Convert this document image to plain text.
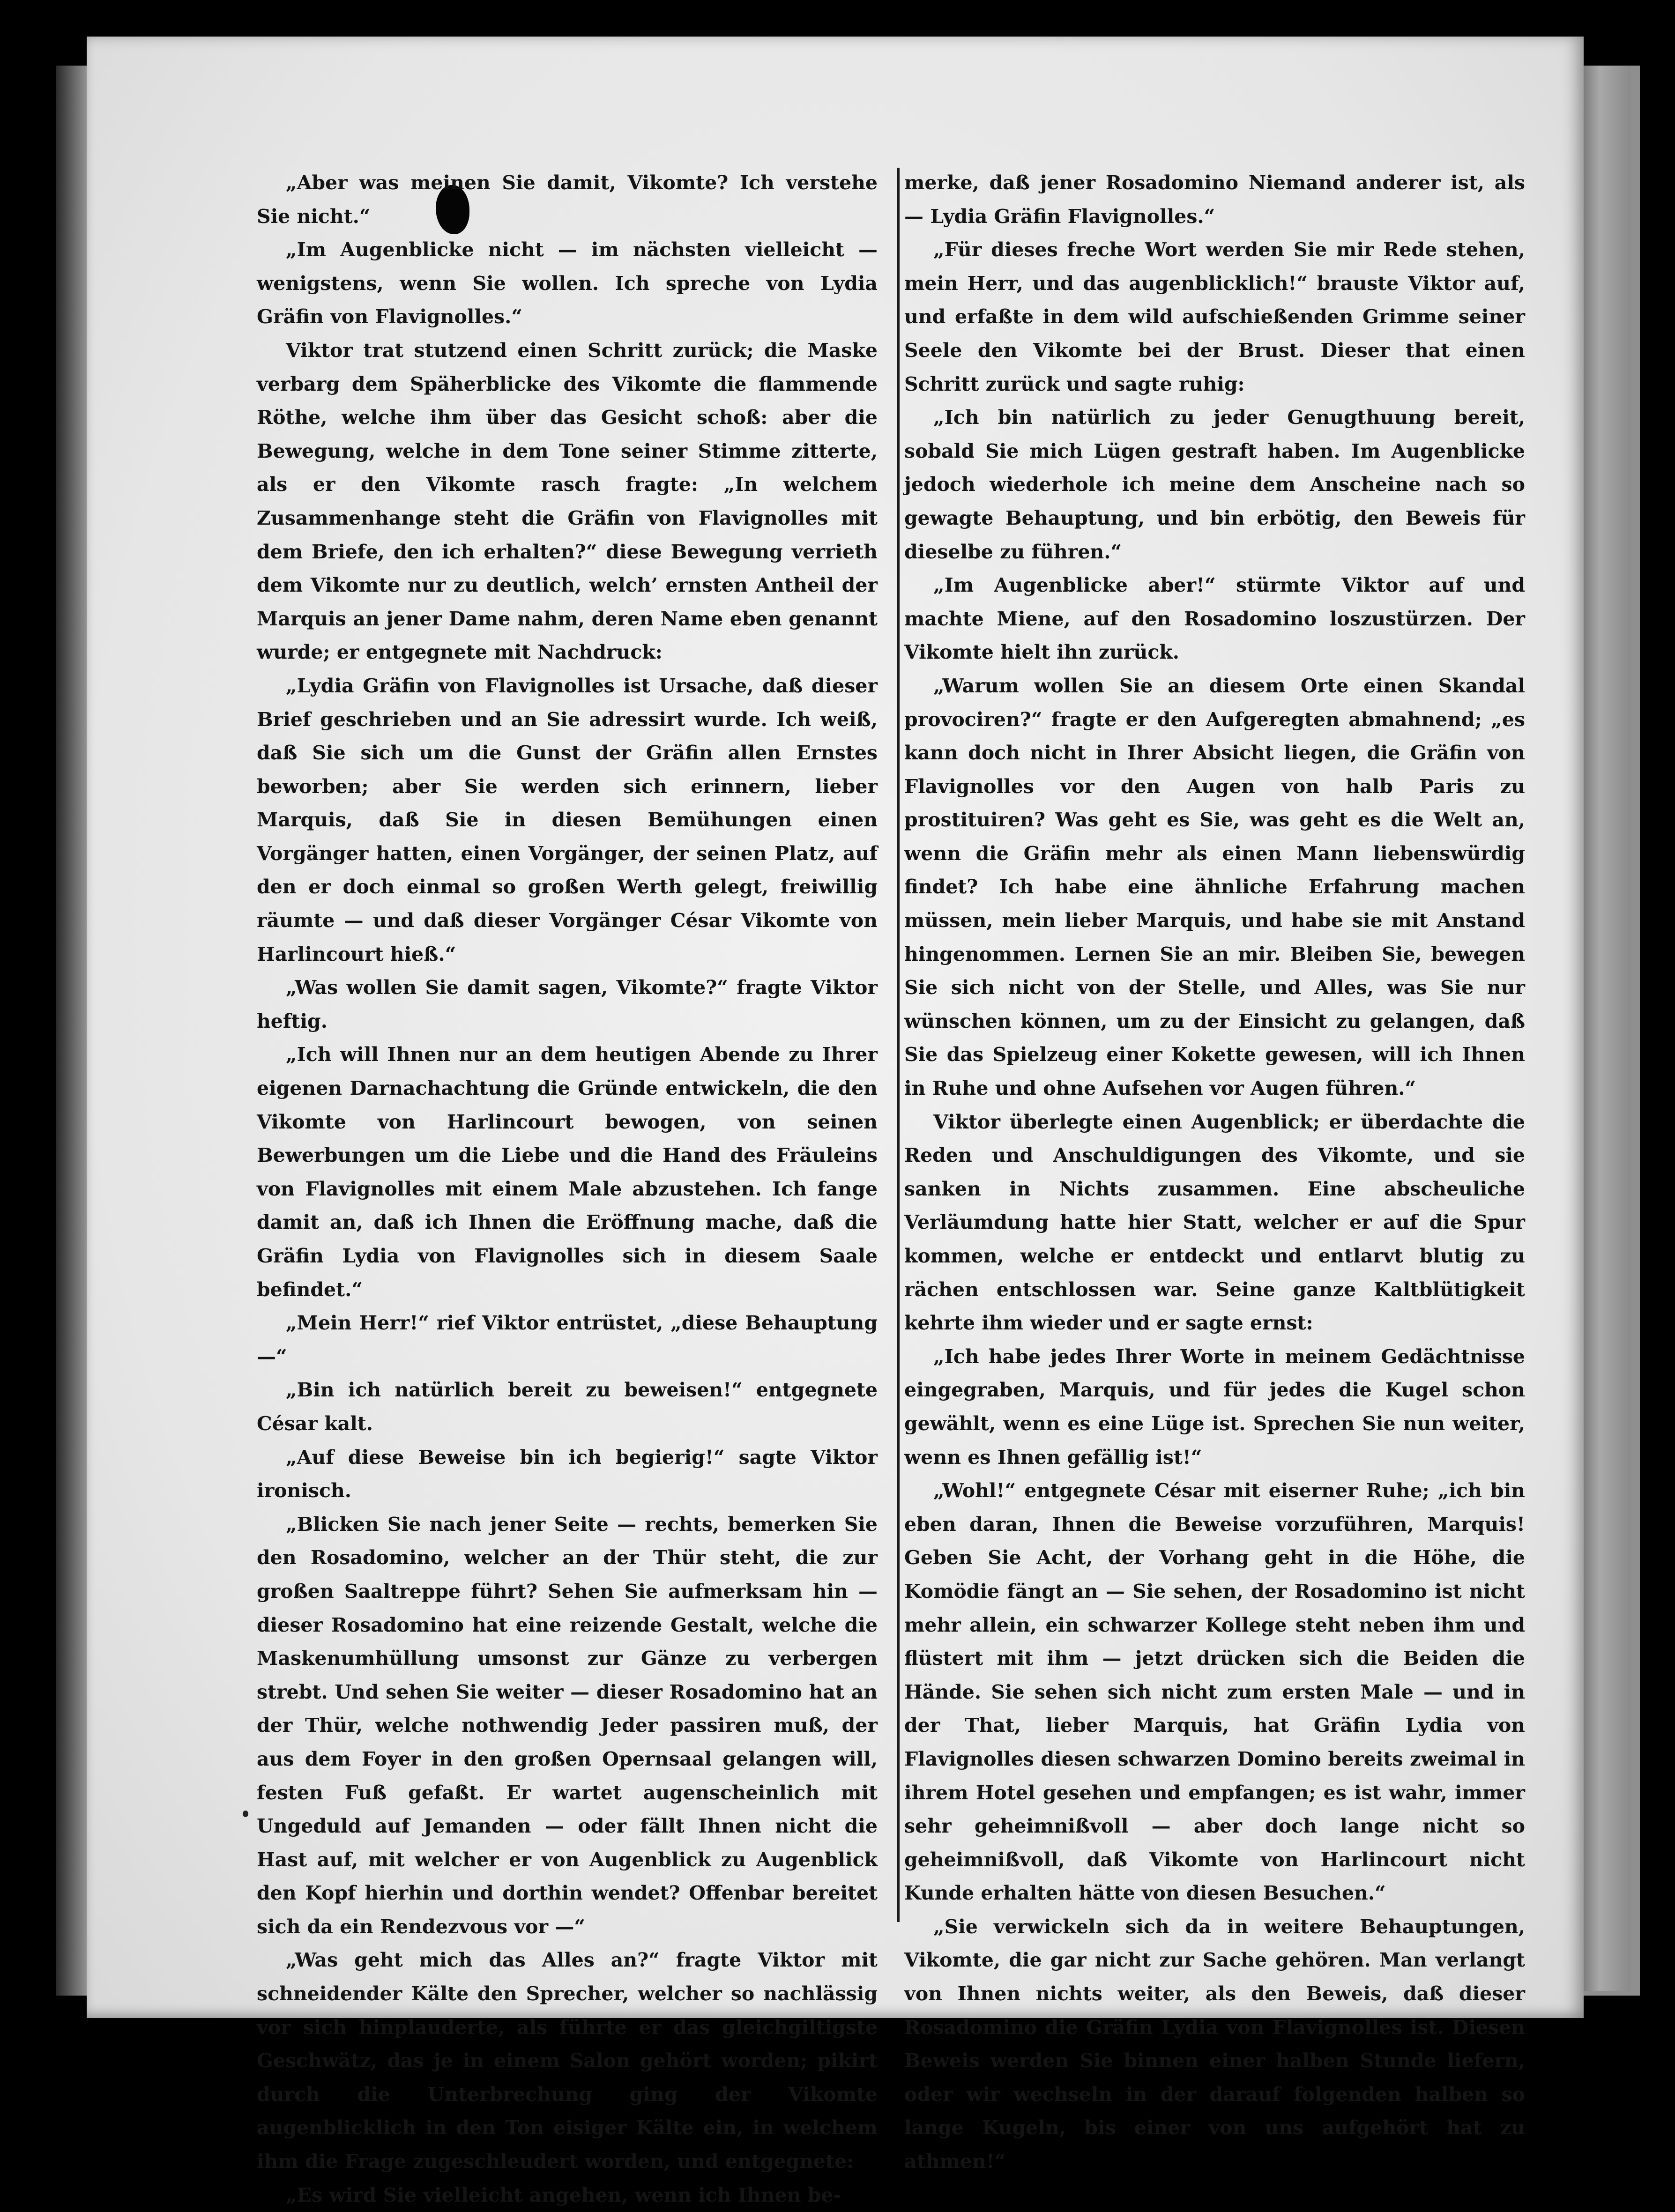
„Aber was meinen Sie damit, Vikomte? Ich verstehe Sie nicht.“

„Im Augenblicke nicht — im nächsten vielleicht — wenigstens, wenn Sie wollen. Ich spreche von Lydia Gräfin von Flavignolles.“

Viktor trat stutzend einen Schritt zurück; die Maske verbarg dem Späherblicke des Vikomte die flammende Röthe, welche ihm über das Gesicht schoß: aber die Bewegung, welche in dem Tone seiner Stimme zitterte, als er den Vikomte rasch fragte: „In welchem Zusammenhange steht die Gräfin von Flavignolles mit dem Briefe, den ich erhalten?“ diese Bewegung verrieth dem Vikomte nur zu deutlich, welch’ ernsten Antheil der Marquis an jener Dame nahm, deren Name eben genannt wurde; er entgegnete mit Nachdruck:

„Lydia Gräfin von Flavignolles ist Ursache, daß dieser Brief geschrieben und an Sie adressirt wurde. Ich weiß, daß Sie sich um die Gunst der Gräfin allen Ernstes beworben; aber Sie werden sich erinnern, lieber Marquis, daß Sie in diesen Bemühungen einen Vorgänger hatten, einen Vorgänger, der seinen Platz, auf den er doch einmal so großen Werth gelegt, freiwillig räumte — und daß dieser Vorgänger César Vikomte von Harlincourt hieß.“

„Was wollen Sie damit sagen, Vikomte?“ fragte Viktor heftig.

„Ich will Ihnen nur an dem heutigen Abende zu Ihrer eigenen Darnachachtung die Gründe entwickeln, die den Vikomte von Harlincourt bewogen, von seinen Bewerbungen um die Liebe und die Hand des Fräuleins von Flavignolles mit einem Male abzustehen. Ich fange damit an, daß ich Ihnen die Eröffnung mache, daß die Gräfin Lydia von Flavignolles sich in diesem Saale befindet.“

„Mein Herr!“ rief Viktor entrüstet, „diese Behauptung—“

„Bin ich natürlich bereit zu beweisen!“ entgegnete César kalt.

„Auf diese Beweise bin ich begierig!“ sagte Viktor ironisch.

„Blicken Sie nach jener Seite — rechts, bemerken Sie den Rosadomino, welcher an der Thür steht, die zur großen Saaltreppe führt? Sehen Sie aufmerksam hin — dieser Rosadomino hat eine reizende Gestalt, welche die Maskenumhüllung umsonst zur Gänze zu verbergen strebt. Und sehen Sie weiter — dieser Rosadomino hat an der Thür, welche nothwendig Jeder passiren muß, der aus dem Foyer in den großen Opernsaal gelangen will, festen Fuß gefaßt. Er wartet augenscheinlich mit Ungeduld auf Jemanden — oder fällt Ihnen nicht die Hast auf, mit welcher er von Augenblick zu Augenblick den Kopf hierhin und dorthin wendet? Offenbar bereitet sich da ein Rendezvous vor —“

„Was geht mich das Alles an?“ fragte Viktor mit schneidender Kälte den Sprecher, welcher so nachlässig vor sich hinplauderte, als führte er das gleichgiltigste Geschwätz, das je in einem Salon gehört worden; pikirt durch die Unterbrechung ging der Vikomte augenblicklich in den Ton eisiger Kälte ein, in welchem ihm die Frage zugeschleudert worden, und entgegnete:

„Es wird Sie vielleicht angehen, wenn ich Ihnen be-

merke, daß jener Rosadomino Niemand anderer ist, als — Lydia Gräfin Flavignolles.“

„Für dieses freche Wort werden Sie mir Rede stehen, mein Herr, und das augenblicklich!“ brauste Viktor auf, und erfaßte in dem wild aufschießenden Grimme seiner Seele den Vikomte bei der Brust. Dieser that einen Schritt zurück und sagte ruhig:

„Ich bin natürlich zu jeder Genugthuung bereit, sobald Sie mich Lügen gestraft haben. Im Augenblicke jedoch wiederhole ich meine dem Anscheine nach so gewagte Behauptung, und bin erbötig, den Beweis für dieselbe zu führen.“

„Im Augenblicke aber!“ stürmte Viktor auf und machte Miene, auf den Rosadomino loszustürzen. Der Vikomte hielt ihn zurück.

„Warum wollen Sie an diesem Orte einen Skandal provociren?“ fragte er den Aufgeregten abmahnend; „es kann doch nicht in Ihrer Absicht liegen, die Gräfin von Flavignolles vor den Augen von halb Paris zu prostituiren? Was geht es Sie, was geht es die Welt an, wenn die Gräfin mehr als einen Mann liebenswürdig findet? Ich habe eine ähnliche Erfahrung machen müssen, mein lieber Marquis, und habe sie mit Anstand hingenommen. Lernen Sie an mir. Bleiben Sie, bewegen Sie sich nicht von der Stelle, und Alles, was Sie nur wünschen können, um zu der Einsicht zu gelangen, daß Sie das Spielzeug einer Kokette gewesen, will ich Ihnen in Ruhe und ohne Aufsehen vor Augen führen.“

Viktor überlegte einen Augenblick; er überdachte die Reden und Anschuldigungen des Vikomte, und sie sanken in Nichts zusammen. Eine abscheuliche Verläumdung hatte hier Statt, welcher er auf die Spur kommen, welche er entdeckt und entlarvt blutig zu rächen entschlossen war. Seine ganze Kaltblütigkeit kehrte ihm wieder und er sagte ernst:

„Ich habe jedes Ihrer Worte in meinem Gedächtnisse eingegraben, Marquis, und für jedes die Kugel schon gewählt, wenn es eine Lüge ist. Sprechen Sie nun weiter, wenn es Ihnen gefällig ist!“

„Wohl!“ entgegnete César mit eiserner Ruhe; „ich bin eben daran, Ihnen die Beweise vorzuführen, Marquis! Geben Sie Acht, der Vorhang geht in die Höhe, die Komödie fängt an — Sie sehen, der Rosadomino ist nicht mehr allein, ein schwarzer Kollege steht neben ihm und flüstert mit ihm — jetzt drücken sich die Beiden die Hände. Sie sehen sich nicht zum ersten Male — und in der That, lieber Marquis, hat Gräfin Lydia von Flavignolles diesen schwarzen Domino bereits zweimal in ihrem Hotel gesehen und empfangen; es ist wahr, immer sehr geheimnißvoll — aber doch lange nicht so geheimnißvoll, daß Vikomte von Harlincourt nicht Kunde erhalten hätte von diesen Besuchen.“

„Sie verwickeln sich da in weitere Behauptungen, Vikomte, die gar nicht zur Sache gehören. Man verlangt von Ihnen nichts weiter, als den Beweis, daß dieser Rosadomino die Gräfin Lydia von Flavignolles ist. Diesen Beweis werden Sie binnen einer halben Stunde liefern, oder wir wechseln in der darauf folgenden halben so lange Kugeln, bis einer von uns aufgehört hat zu athmen!“
